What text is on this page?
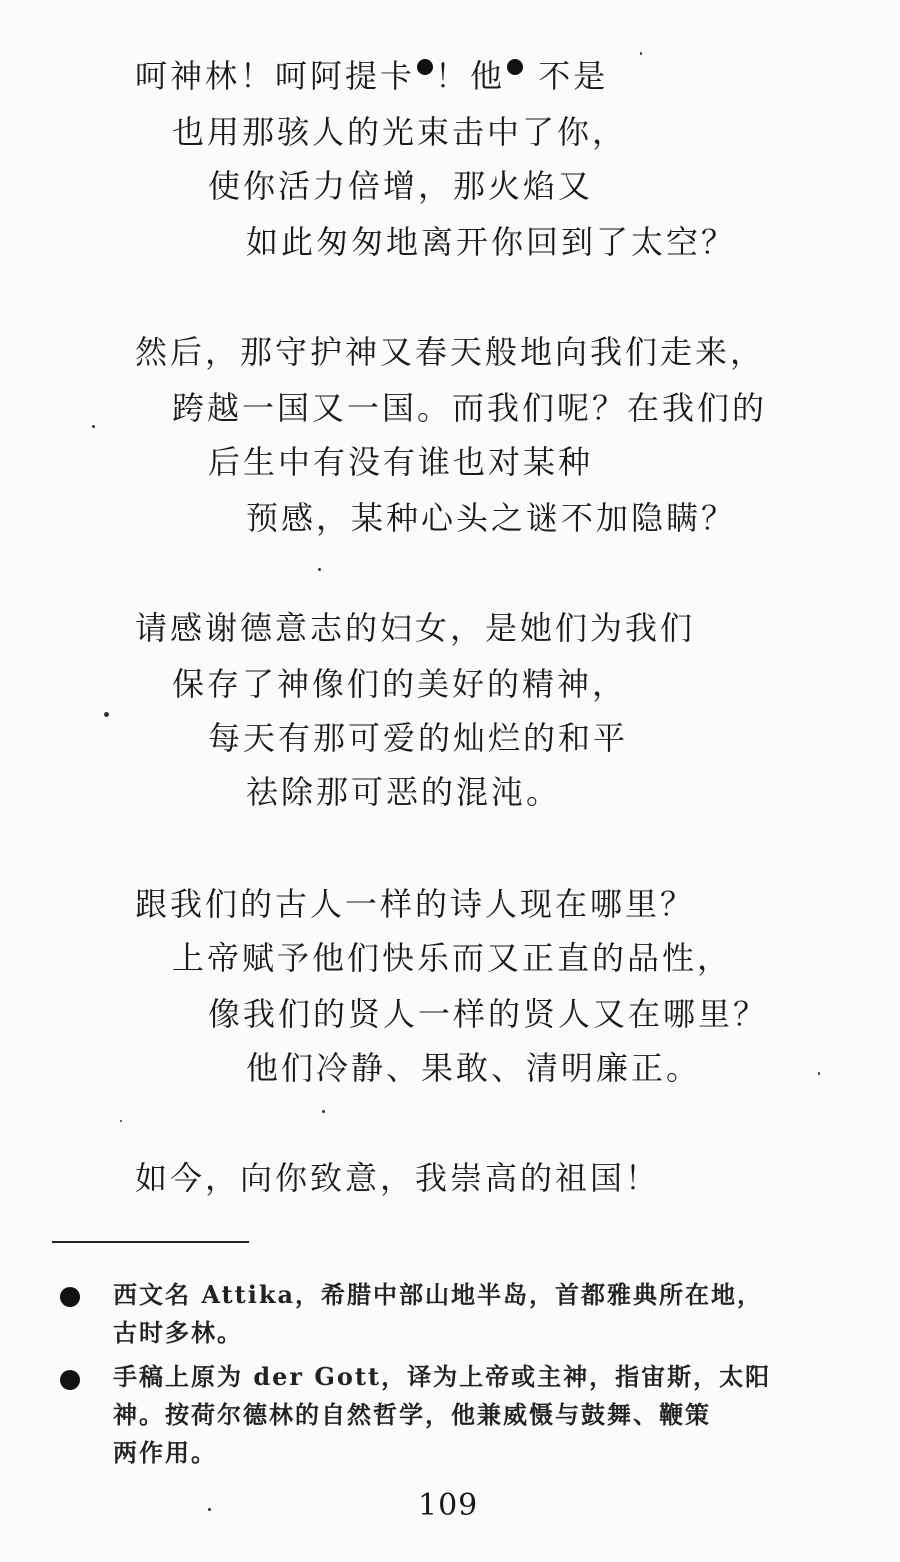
呵神林！呵阿提卡 ！他 不是
也用那骇人的光束击中了你，
使你活力倍增，那火焰又
如此匆匆地离开你回到了太空？
然后，那守护神又春天般地向我们走来，
跨越一国又一国。而我们呢？在我们的
后生中有没有谁也对某种
预感，某种心头之谜不加隐瞒？
请感谢德意志的妇女，是她们为我们
保存了神像们的美好的精神，
每天有那可爱的灿烂的和平
祛除那可恶的混沌。
跟我们的古人一样的诗人现在哪里？
上帝赋予他们快乐而又正直的品性，
像我们的贤人一样的贤人又在哪里？
他们冷静、果敢、清明廉正。
如今，向你致意，我崇高的祖国！
西文名 Attika，希腊中部山地半岛，首都雅典所在地，
古时多林。
手稿上原为 der Gott，译为上帝或主神，指宙斯，太阳
神。按荷尔德林的自然哲学，他兼威慑与鼓舞、鞭策
两作用。
109
